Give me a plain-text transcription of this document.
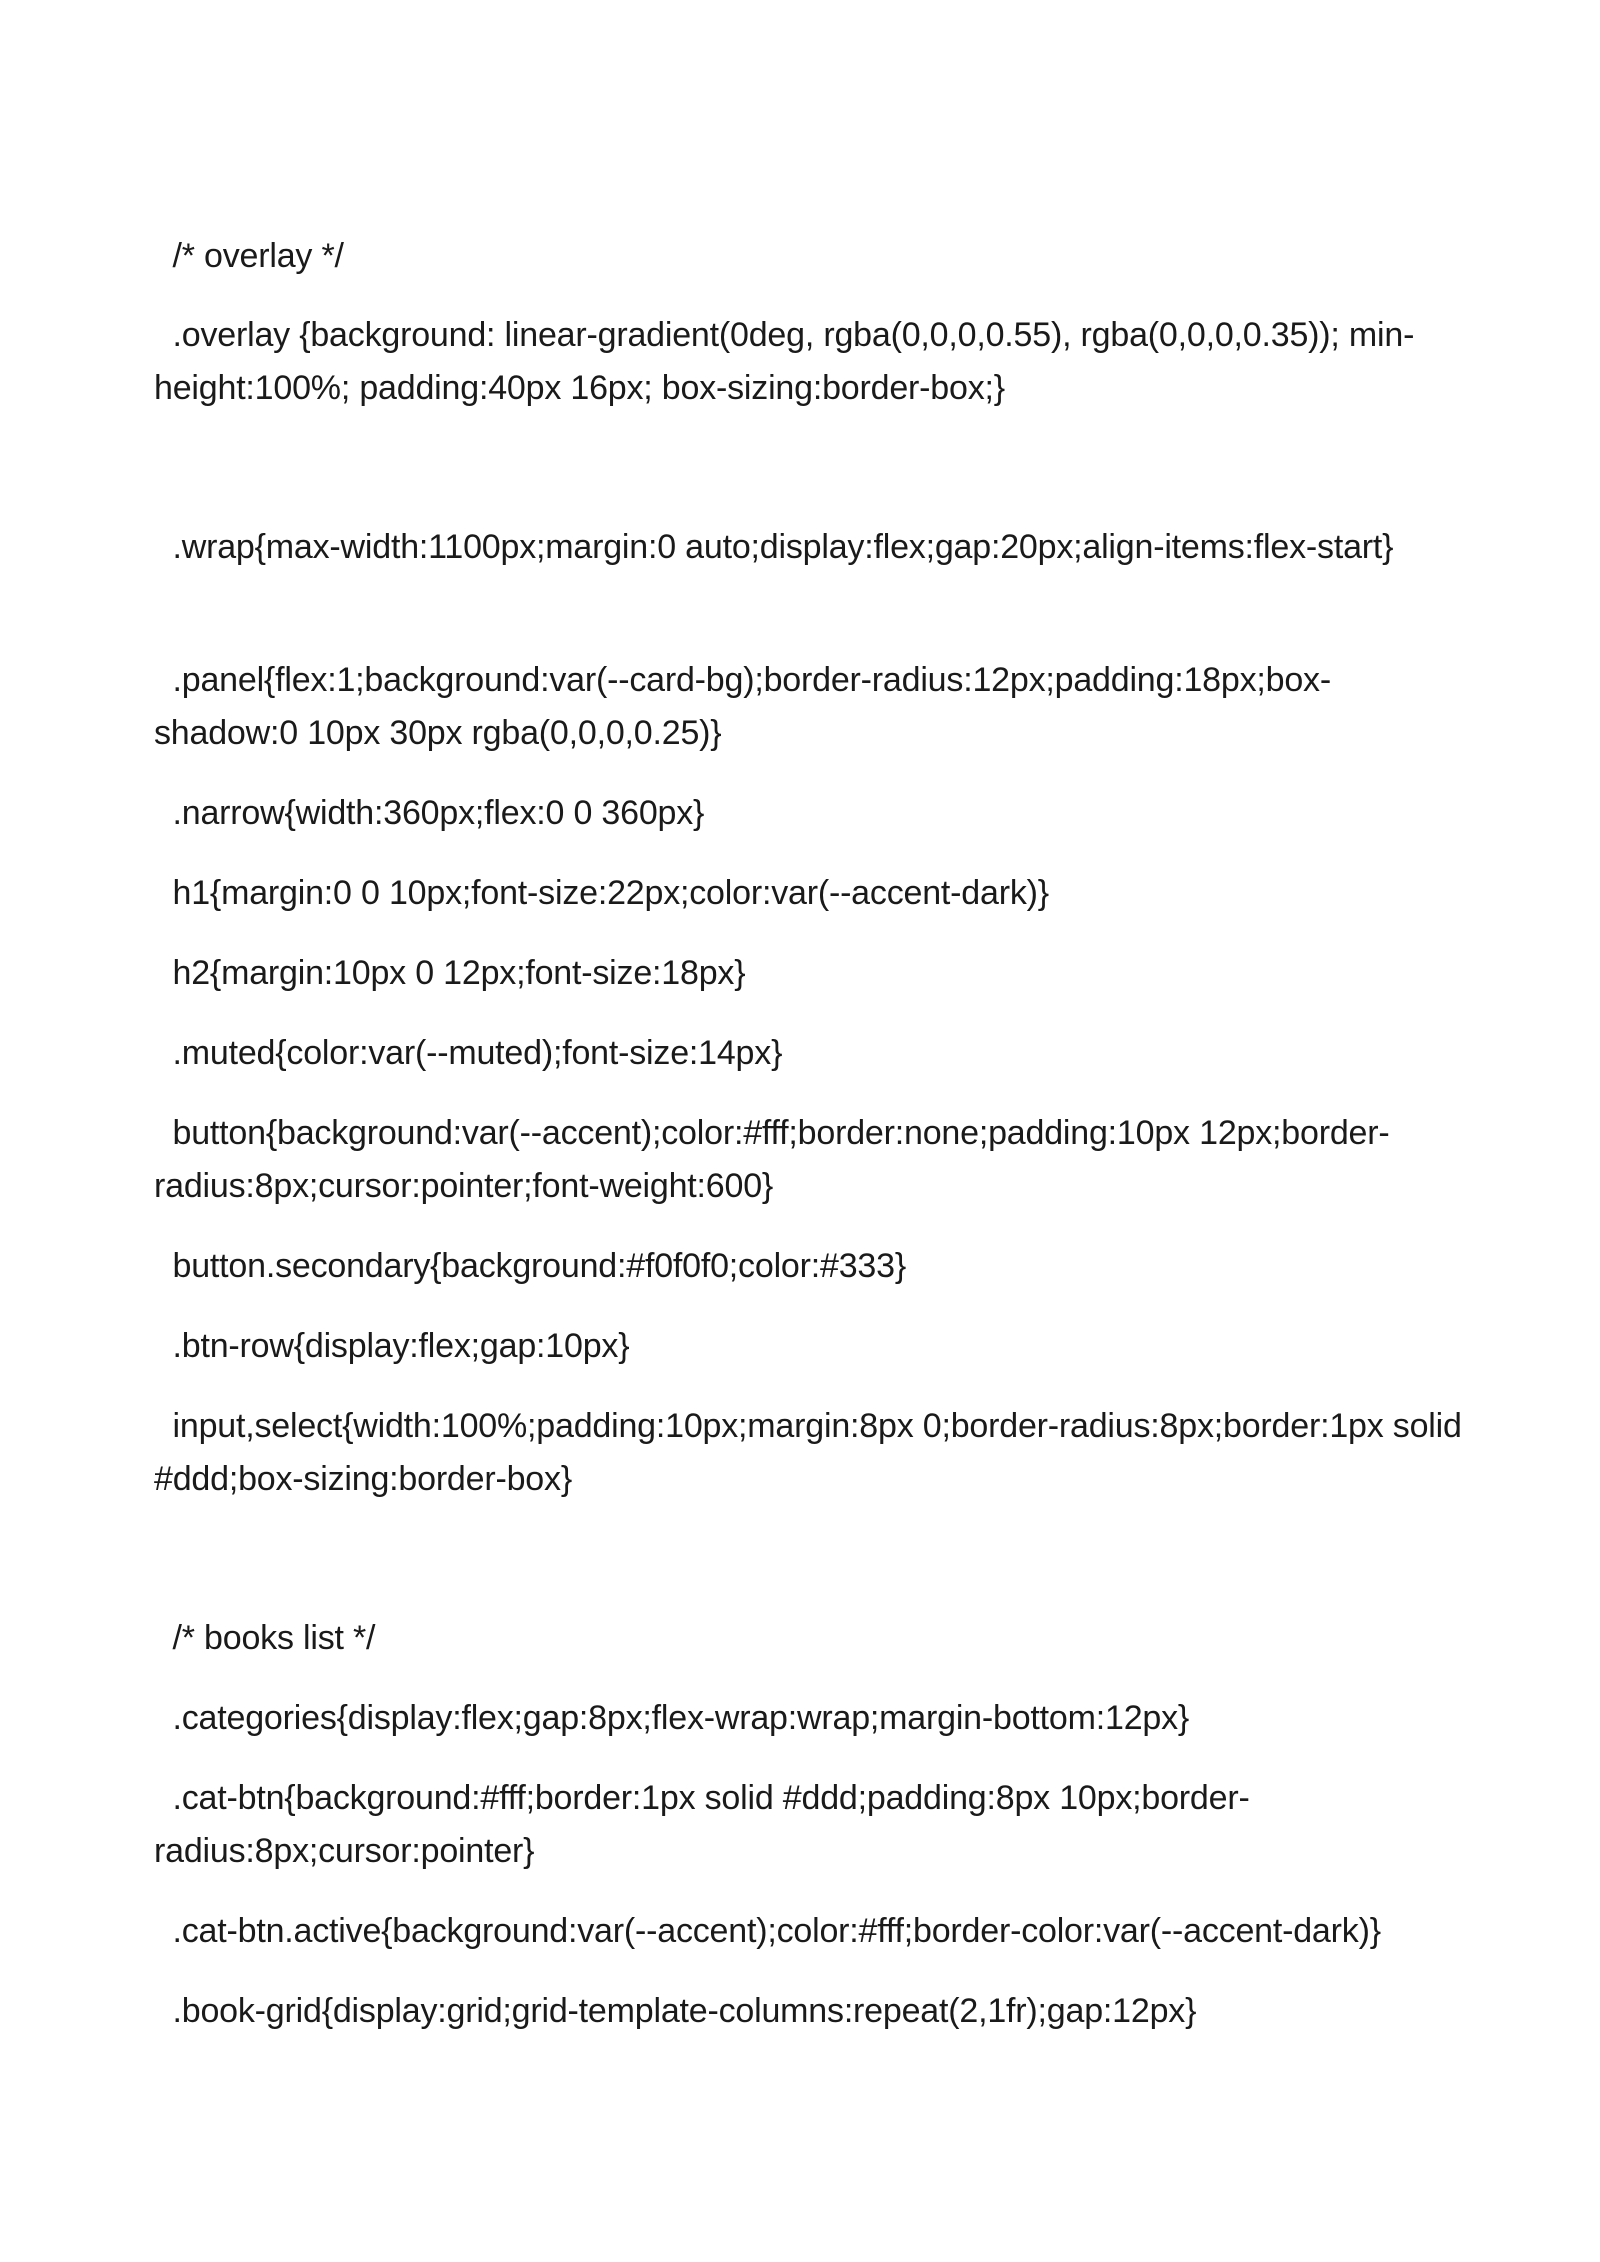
/* overlay */

.overlay {background: linear-gradient(0deg, rgba(0,0,0,0.55), rgba(0,0,0,0.35)); min-height:100%; padding:40px 16px; box-sizing:border-box;}

.wrap{max-width:1100px;margin:0 auto;display:flex;gap:20px;align-items:flex-start}

.panel{flex:1;background:var(--card-bg);border-radius:12px;padding:18px;box-shadow:0 10px 30px rgba(0,0,0,0.25)}

.narrow{width:360px;flex:0 0 360px}

h1{margin:0 0 10px;font-size:22px;color:var(--accent-dark)}

h2{margin:10px 0 12px;font-size:18px}

.muted{color:var(--muted);font-size:14px}

button{background:var(--accent);color:#fff;border:none;padding:10px 12px;border-radius:8px;cursor:pointer;font-weight:600}

button.secondary{background:#f0f0f0;color:#333}

.btn-row{display:flex;gap:10px}

input,select{width:100%;padding:10px;margin:8px 0;border-radius:8px;border:1px solid #ddd;box-sizing:border-box}

/* books list */

.categories{display:flex;gap:8px;flex-wrap:wrap;margin-bottom:12px}

.cat-btn{background:#fff;border:1px solid #ddd;padding:8px 10px;border-radius:8px;cursor:pointer}

.cat-btn.active{background:var(--accent);color:#fff;border-color:var(--accent-dark)}

.book-grid{display:grid;grid-template-columns:repeat(2,1fr);gap:12px}
